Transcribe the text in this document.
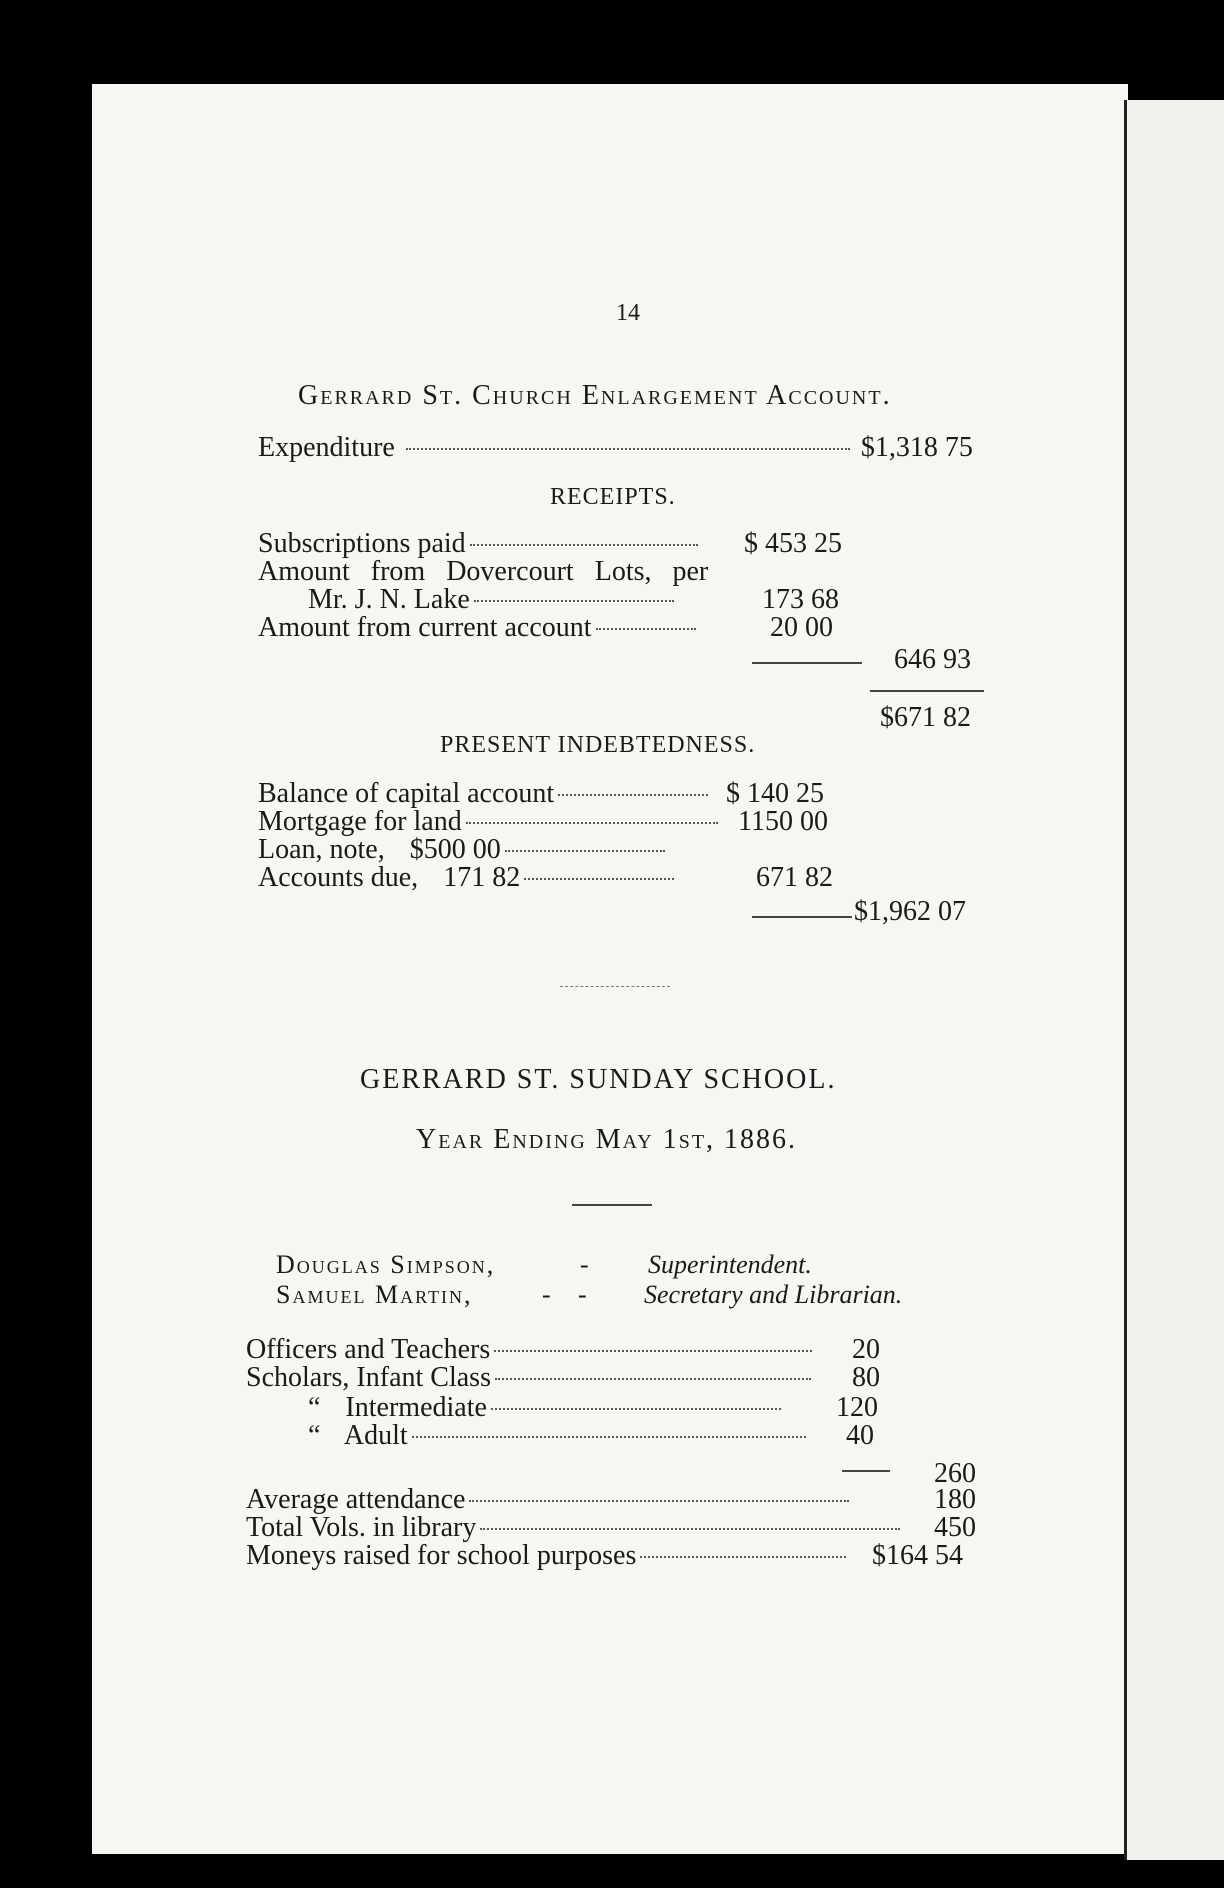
14
Gerrard St. Church Enlargement Account.
Expenditure	$1,318 75
RECEIPTS.
Subscriptions paid	$ 453 25
Amount from Dovercourt Lots, per
Mr. J. N. Lake	173 68
Amount from current account	20 00
646 93
$671 82
PRESENT INDEBTEDNESS.
Balance of capital account	$ 140 25
Mortgage for land	1150 00
Loan, note, $500 00
Accounts due, 171 82	671 82
$1,962 07
GERRARD ST. SUNDAY SCHOOL.
Year Ending May 1st, 1886.
Douglas Simpson,	- Superintendent.
Samuel Martin,	- - Secretary and Librarian.
Officers and Teachers	20
Scholars, Infant Class	80
“ Intermediate	120
“ Adult	40
260
Average attendance	180
Total Vols. in library	450
Moneys raised for school purposes	$164 54
